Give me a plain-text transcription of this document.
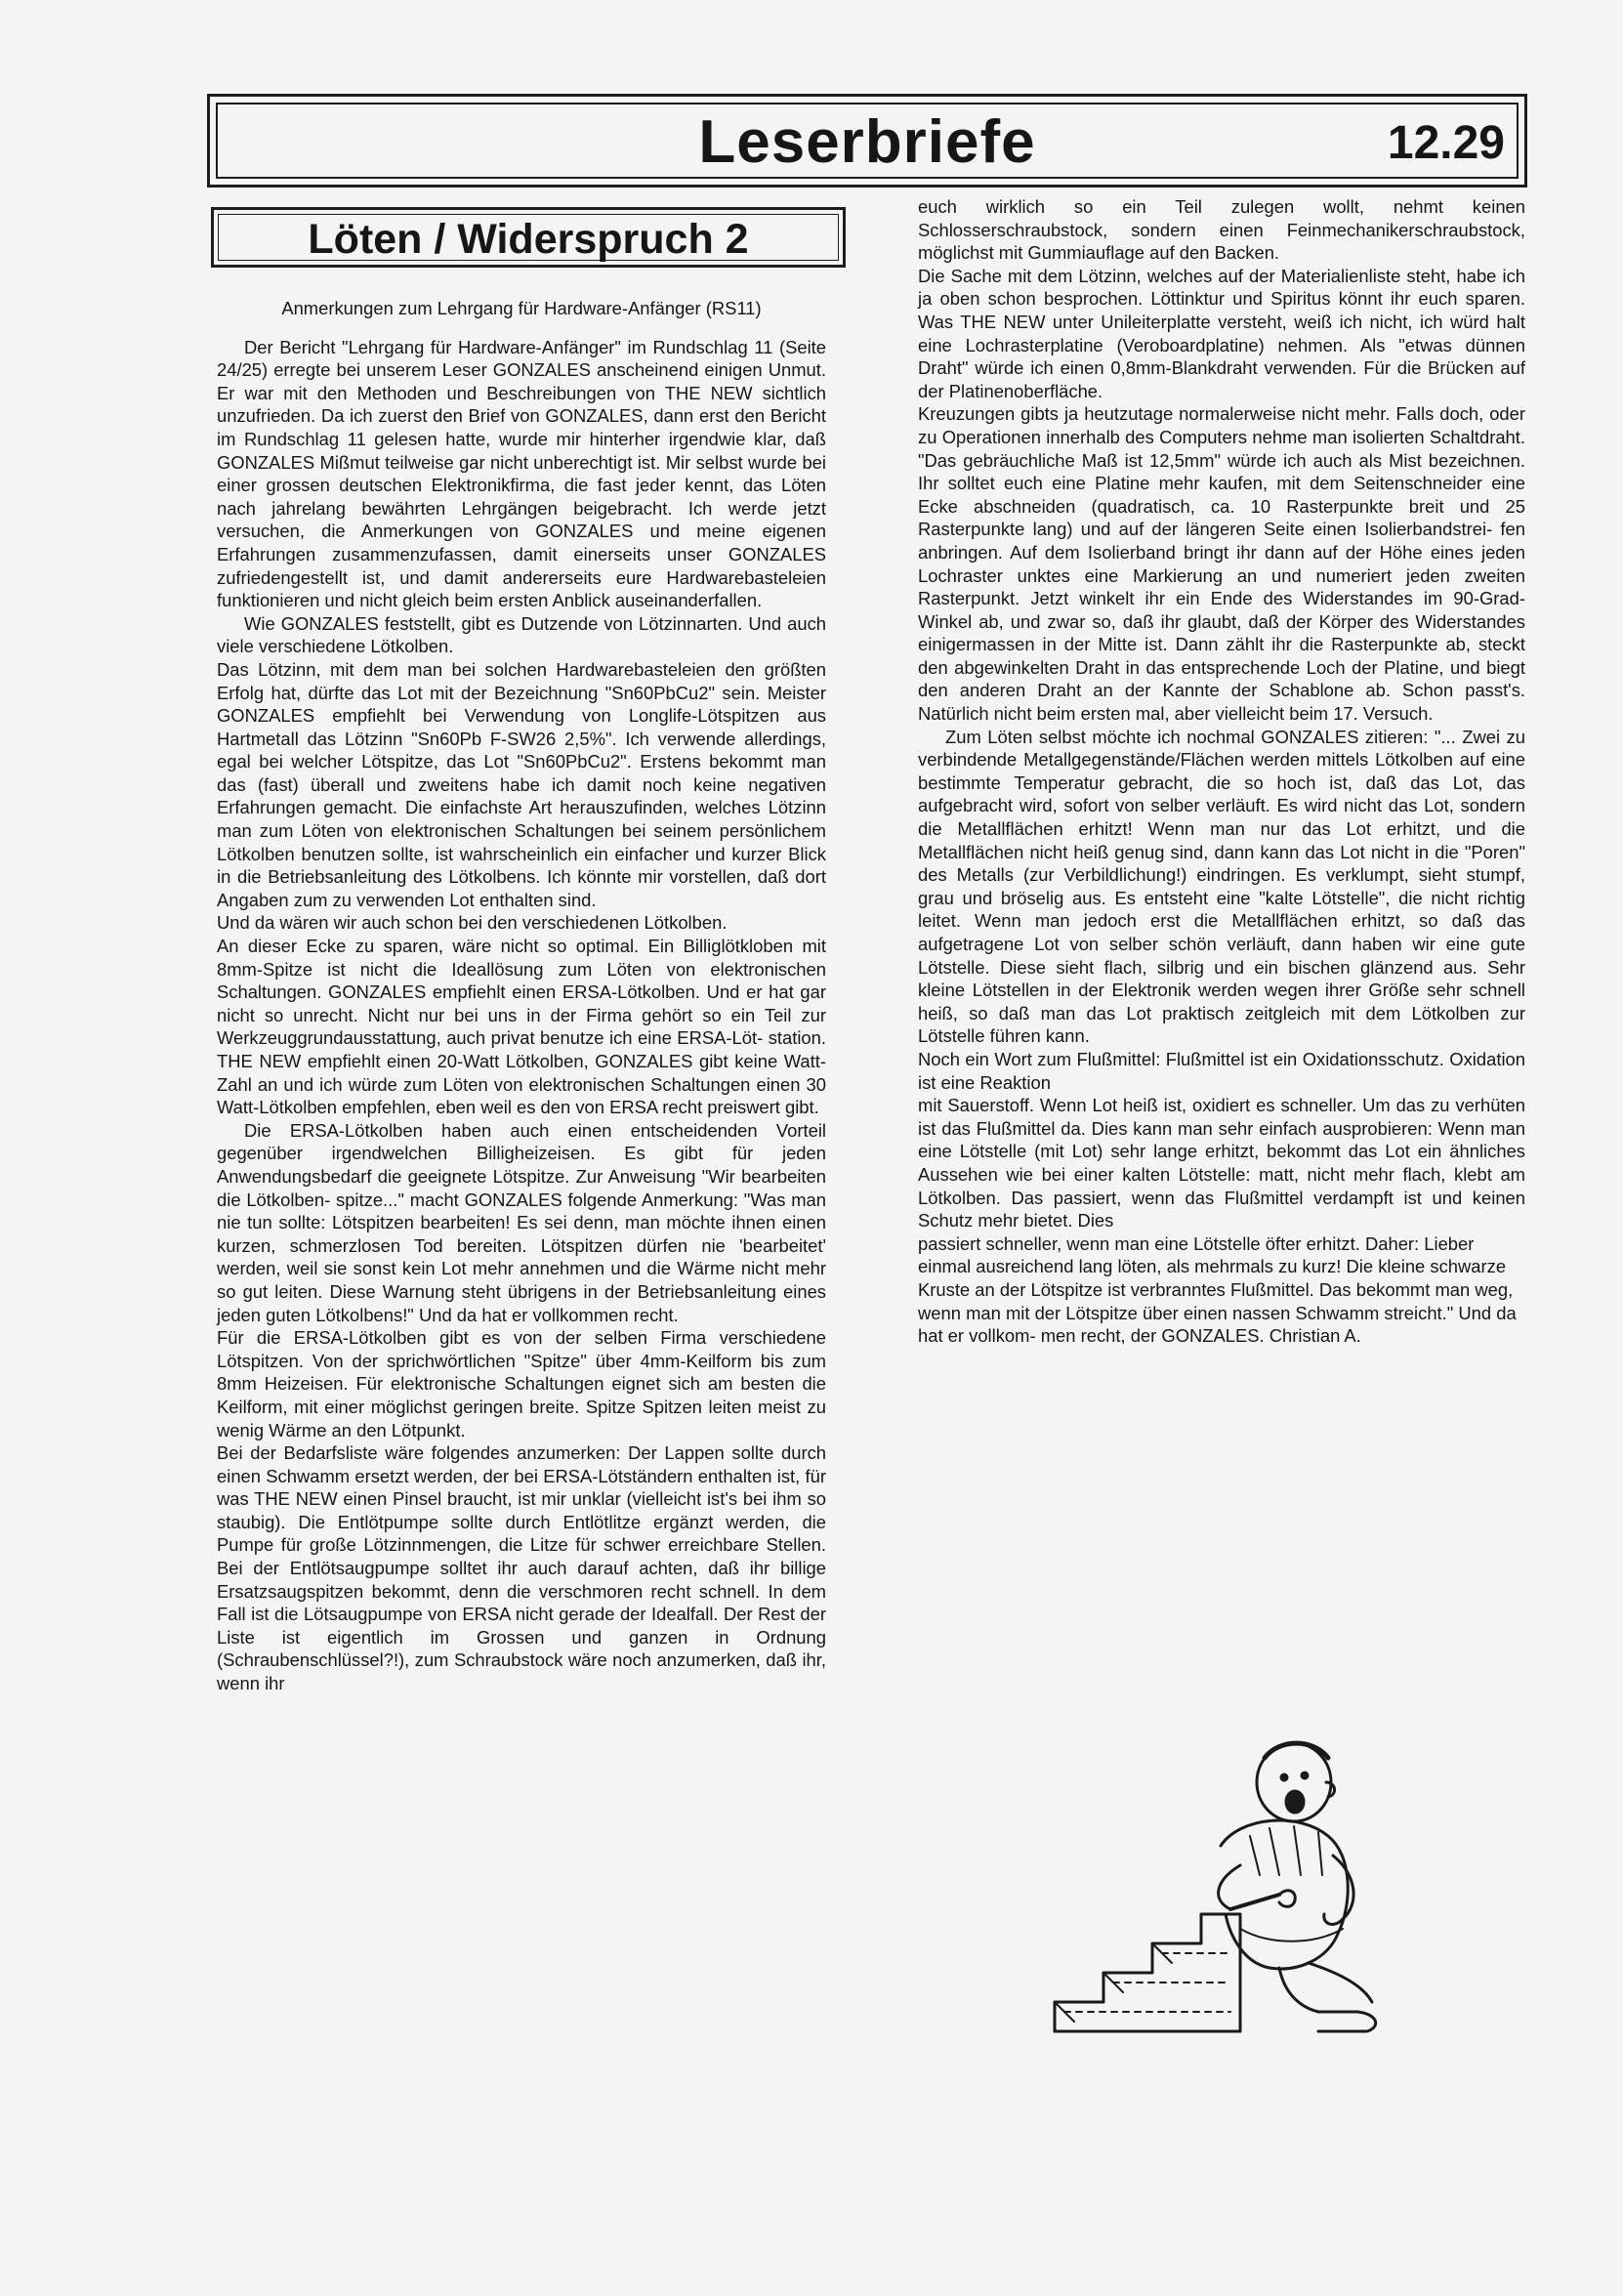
Leserbriefe	12.29
Löten / Widerspruch 2

Anmerkungen zum Lehrgang für Hardware-Anfänger (RS11)

Der Bericht "Lehrgang für Hardware-Anfänger" im Rundschlag 11 (Seite 24/25) erregte bei unserem Leser GONZALES anscheinend einigen Unmut. Er war mit den Methoden und Beschreibungen von THE NEW sichtlich unzufrieden. Da ich zuerst den Brief von GONZALES, dann erst den Bericht im Rundschlag 11 gelesen hatte, wurde mir hinterher irgendwie klar, daß GONZALES Mißmut teilweise gar nicht unberechtigt ist. Mir selbst wurde bei einer grossen deutschen Elektronikfirma, die fast jeder kennt, das Löten nach jahrelang bewährten Lehrgängen beigebracht. Ich werde jetzt versuchen, die Anmerkungen von GONZALES und meine eigenen Erfahrungen zusammenzufassen, damit einerseits unser GONZALES zufriedengestellt ist, und damit andererseits eure Hardwarebasteleien funktionieren und nicht gleich beim ersten Anblick auseinanderfallen.

Wie GONZALES feststellt, gibt es Dutzende von Lötzinnarten. Und auch viele verschiedene Lötkolben.

Das Lötzinn, mit dem man bei solchen Hardwarebasteleien den größten Erfolg hat, dürfte das Lot mit der Bezeichnung "Sn60PbCu2" sein. Meister GONZALES empfiehlt bei Verwendung von Longlife-Lötspitzen aus Hartmetall das Lötzinn "Sn60Pb F-SW26 2,5%". Ich verwende allerdings, egal bei welcher Lötspitze, das Lot "Sn60PbCu2". Erstens bekommt man das (fast) überall und zweitens habe ich damit noch keine negativen Erfahrungen gemacht. Die einfachste Art herauszufinden, welches Lötzinn man zum Löten von elektronischen Schaltungen bei seinem persönlichem Lötkolben benutzen sollte, ist wahrscheinlich ein einfacher und kurzer Blick in die Betriebsanleitung des Lötkolbens. Ich könnte mir vorstellen, daß dort Angaben zum zu verwenden Lot enthalten sind.

Und da wären wir auch schon bei den verschiedenen Lötkolben.

An dieser Ecke zu sparen, wäre nicht so optimal. Ein Billiglötkloben mit 8mm-Spitze ist nicht die Ideallösung zum Löten von elektronischen Schaltungen. GONZALES empfiehlt einen ERSA-Lötkolben. Und er hat gar nicht so unrecht. Nicht nur bei uns in der Firma gehört so ein Teil zur Werkzeuggrundausstattung, auch privat benutze ich eine ERSA-Löt- station. THE NEW empfiehlt einen 20-Watt Lötkolben, GONZALES gibt keine Watt-Zahl an und ich würde zum Löten von elektronischen Schaltungen einen 30 Watt-Lötkolben empfehlen, eben weil es den von ERSA recht preiswert gibt.

Die ERSA-Lötkolben haben auch einen entscheidenden Vorteil gegenüber irgendwelchen Billigheizeisen. Es gibt für jeden Anwendungsbedarf die geeignete Lötspitze. Zur Anweisung "Wir bearbeiten die Lötkolben- spitze..." macht GONZALES folgende Anmerkung: "Was man nie tun sollte: Lötspitzen bearbeiten! Es sei denn, man möchte ihnen einen kurzen, schmerzlosen Tod bereiten. Lötspitzen dürfen nie 'bearbeitet' werden, weil sie sonst kein Lot mehr annehmen und die Wärme nicht mehr so gut leiten. Diese Warnung steht übrigens in der Betriebsanleitung eines jeden guten Lötkolbens!" Und da hat er vollkommen recht.

Für die ERSA-Lötkolben gibt es von der selben Firma verschiedene Lötspitzen. Von der sprichwörtlichen "Spitze" über 4mm-Keilform bis zum 8mm Heizeisen. Für elektronische Schaltungen eignet sich am besten die Keilform, mit einer möglichst geringen breite. Spitze Spitzen leiten meist zu wenig Wärme an den Lötpunkt.

Bei der Bedarfsliste wäre folgendes anzumerken: Der Lappen sollte durch einen Schwamm ersetzt werden, der bei ERSA-Lötständern enthalten ist, für was THE NEW einen Pinsel braucht, ist mir unklar (vielleicht ist's bei ihm so staubig). Die Entlötpumpe sollte durch Entlötlitze ergänzt werden, die Pumpe für große Lötzinnmengen, die Litze für schwer erreichbare Stellen. Bei der Entlötsaugpumpe solltet ihr auch darauf achten, daß ihr billige Ersatzsaugspitzen bekommt, denn die verschmoren recht schnell. In dem Fall ist die Lötsaugpumpe von ERSA nicht gerade der Idealfall. Der Rest der Liste ist eigentlich im Grossen und ganzen in Ordnung (Schraubenschlüssel?!), zum Schraubstock wäre noch anzumerken, daß ihr, wenn ihr

euch wirklich so ein Teil zulegen wollt, nehmt keinen Schlosserschraubstock, sondern einen Feinmechanikerschraubstock, möglichst mit Gummiauflage auf den Backen.

Die Sache mit dem Lötzinn, welches auf der Materialienliste steht, habe ich ja oben schon besprochen. Löttinktur und Spiritus könnt ihr euch sparen. Was THE NEW unter Unileiterplatte versteht, weiß ich nicht, ich würd halt eine Lochrasterplatine (Veroboardplatine) nehmen. Als "etwas dünnen Draht" würde ich einen 0,8mm-Blankdraht verwenden. Für die Brücken auf der Platinenoberfläche.

Kreuzungen gibts ja heutzutage normalerweise nicht mehr. Falls doch, oder zu Operationen innerhalb des Computers nehme man isolierten Schaltdraht. "Das gebräuchliche Maß ist 12,5mm" würde ich auch als Mist bezeichnen. Ihr solltet euch eine Platine mehr kaufen, mit dem Seitenschneider eine Ecke abschneiden (quadratisch, ca. 10 Rasterpunkte breit und 25 Rasterpunkte lang) und auf der längeren Seite einen Isolierbandstrei- fen anbringen. Auf dem Isolierband bringt ihr dann auf der Höhe eines jeden Lochraster unktes eine Markierung an und numeriert jeden zweiten Rasterpunkt. Jetzt winkelt ihr ein Ende des Widerstandes im 90-Grad-Winkel ab, und zwar so, daß ihr glaubt, daß der Körper des Widerstandes einigermassen in der Mitte ist. Dann zählt ihr die Rasterpunkte ab, steckt den abgewinkelten Draht in das entsprechende Loch der Platine, und biegt den anderen Draht an der Kannte der Schablone ab. Schon passt's. Natürlich nicht beim ersten mal, aber vielleicht beim 17. Versuch.

Zum Löten selbst möchte ich nochmal GONZALES zitieren: "... Zwei zu verbindende Metallgegenstände/Flächen werden mittels Lötkolben auf eine bestimmte Temperatur gebracht, die so hoch ist, daß das Lot, das aufgebracht wird, sofort von selber verläuft. Es wird nicht das Lot, sondern die Metallflächen erhitzt! Wenn man nur das Lot erhitzt, und die Metallflächen nicht heiß genug sind, dann kann das Lot nicht in die "Poren" des Metalls (zur Verbildlichung!) eindringen. Es verklumpt, sieht stumpf, grau und bröselig aus. Es entsteht eine "kalte Lötstelle", die nicht richtig leitet. Wenn man jedoch erst die Metallflächen erhitzt, so daß das aufgetragene Lot von selber schön verläuft, dann haben wir eine gute Lötstelle. Diese sieht flach, silbrig und ein bischen glänzend aus. Sehr kleine Lötstellen in der Elektronik werden wegen ihrer Größe sehr schnell heiß, so daß man das Lot praktisch zeitgleich mit dem Lötkolben zur Lötstelle führen kann.

Noch ein Wort zum Flußmittel: Flußmittel ist ein Oxidationsschutz. Oxidation ist eine Reaktion

mit Sauerstoff. Wenn Lot heiß ist, oxidiert es schneller. Um das zu verhüten ist das Flußmittel da. Dies kann man sehr einfach ausprobieren: Wenn man eine Lötstelle (mit Lot) sehr lange erhitzt, bekommt das Lot ein ähnliches Aussehen wie bei einer kalten Lötstelle: matt, nicht mehr flach, klebt am Lötkolben. Das passiert, wenn das Flußmittel verdampft ist und keinen Schutz mehr bietet. Dies

passiert schneller, wenn man eine Lötstelle öfter erhitzt. Daher: Lieber einmal ausreichend lang löten, als mehrmals zu kurz! Die kleine schwarze Kruste an der Lötspitze ist verbranntes Flußmittel. Das bekommt man weg, wenn man mit der Lötspitze über einen nassen Schwamm streicht." Und da hat er vollkom- men recht, der GONZALES. Christian A.
